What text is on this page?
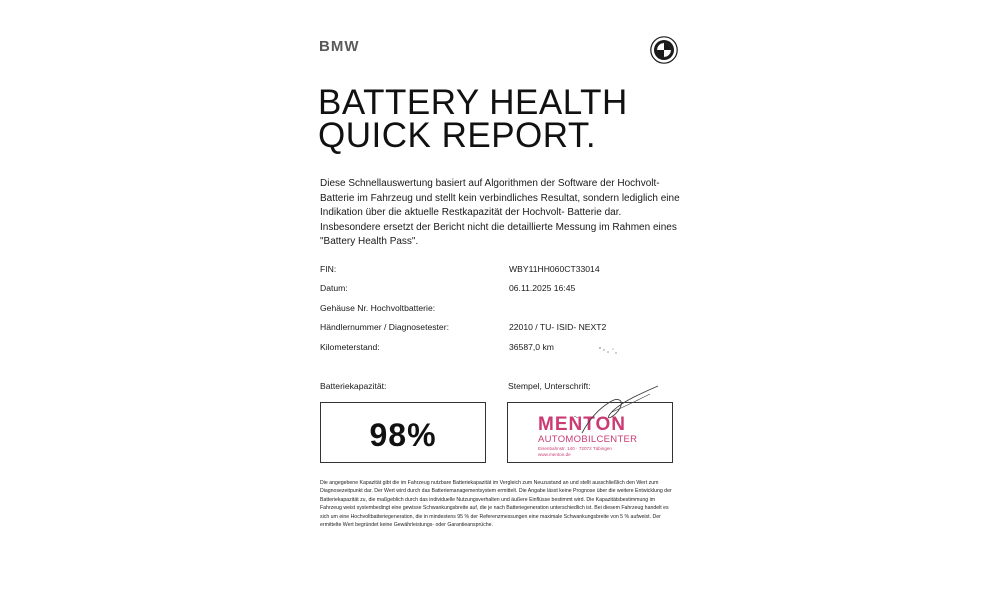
BMW
BATTERY HEALTH
QUICK REPORT.
Diese Schnellauswertung basiert auf Algorithmen der Software der Hochvolt- Batterie im Fahrzeug und stellt kein verbindliches Resultat, sondern lediglich eine Indikation über die aktuelle Restkapazität der Hochvolt- Batterie dar. Insbesondere ersetzt der Bericht nicht die detaillierte Messung im Rahmen eines "Battery Health Pass".
FIN:	WBY11HH060CT33014
Datum:	06.11.2025 16:45
Gehäuse Nr. Hochvoltbatterie:
Händlernummer / Diagnosetester:	22010 / TU- ISID- NEXT2
Kilometerstand:	36587,0 km
Batteriekapazität:	Stempel, Unterschrift:
98%	MENTON
AUTOMOBILCENTER
Eisenbahnstr. 140 · 72072 Tübingen
www.menton.de
Die angegebene Kapazität gibt die im Fahrzeug nutzbare Batteriekapazität im Vergleich zum Neuzustand an und stellt ausschließlich den Wert zum Diagnosezeitpunkt dar. Der Wert wird durch das Batteriemanagementsystem ermittelt. Die Angabe lässt keine Prognose über die weitere Entwicklung der Batteriekapazität zu, die maßgeblich durch das individuelle Nutzungsverhalten und äußere Einflüsse bestimmt wird. Die Kapazitätsbestimmung im Fahrzeug weist systembedingt eine gewisse Schwankungsbreite auf, die je nach Batteriegeneration unterschiedlich ist. Bei diesem Fahrzeug handelt es sich um eine Hochvoltbatteriegeneration, die in mindestens 95 % der Referenzmessungen eine maximale Schwankungsbreite von 5 % aufweist. Der ermittelte Wert begründet keine Gewährleistungs- oder Garantieansprüche.
